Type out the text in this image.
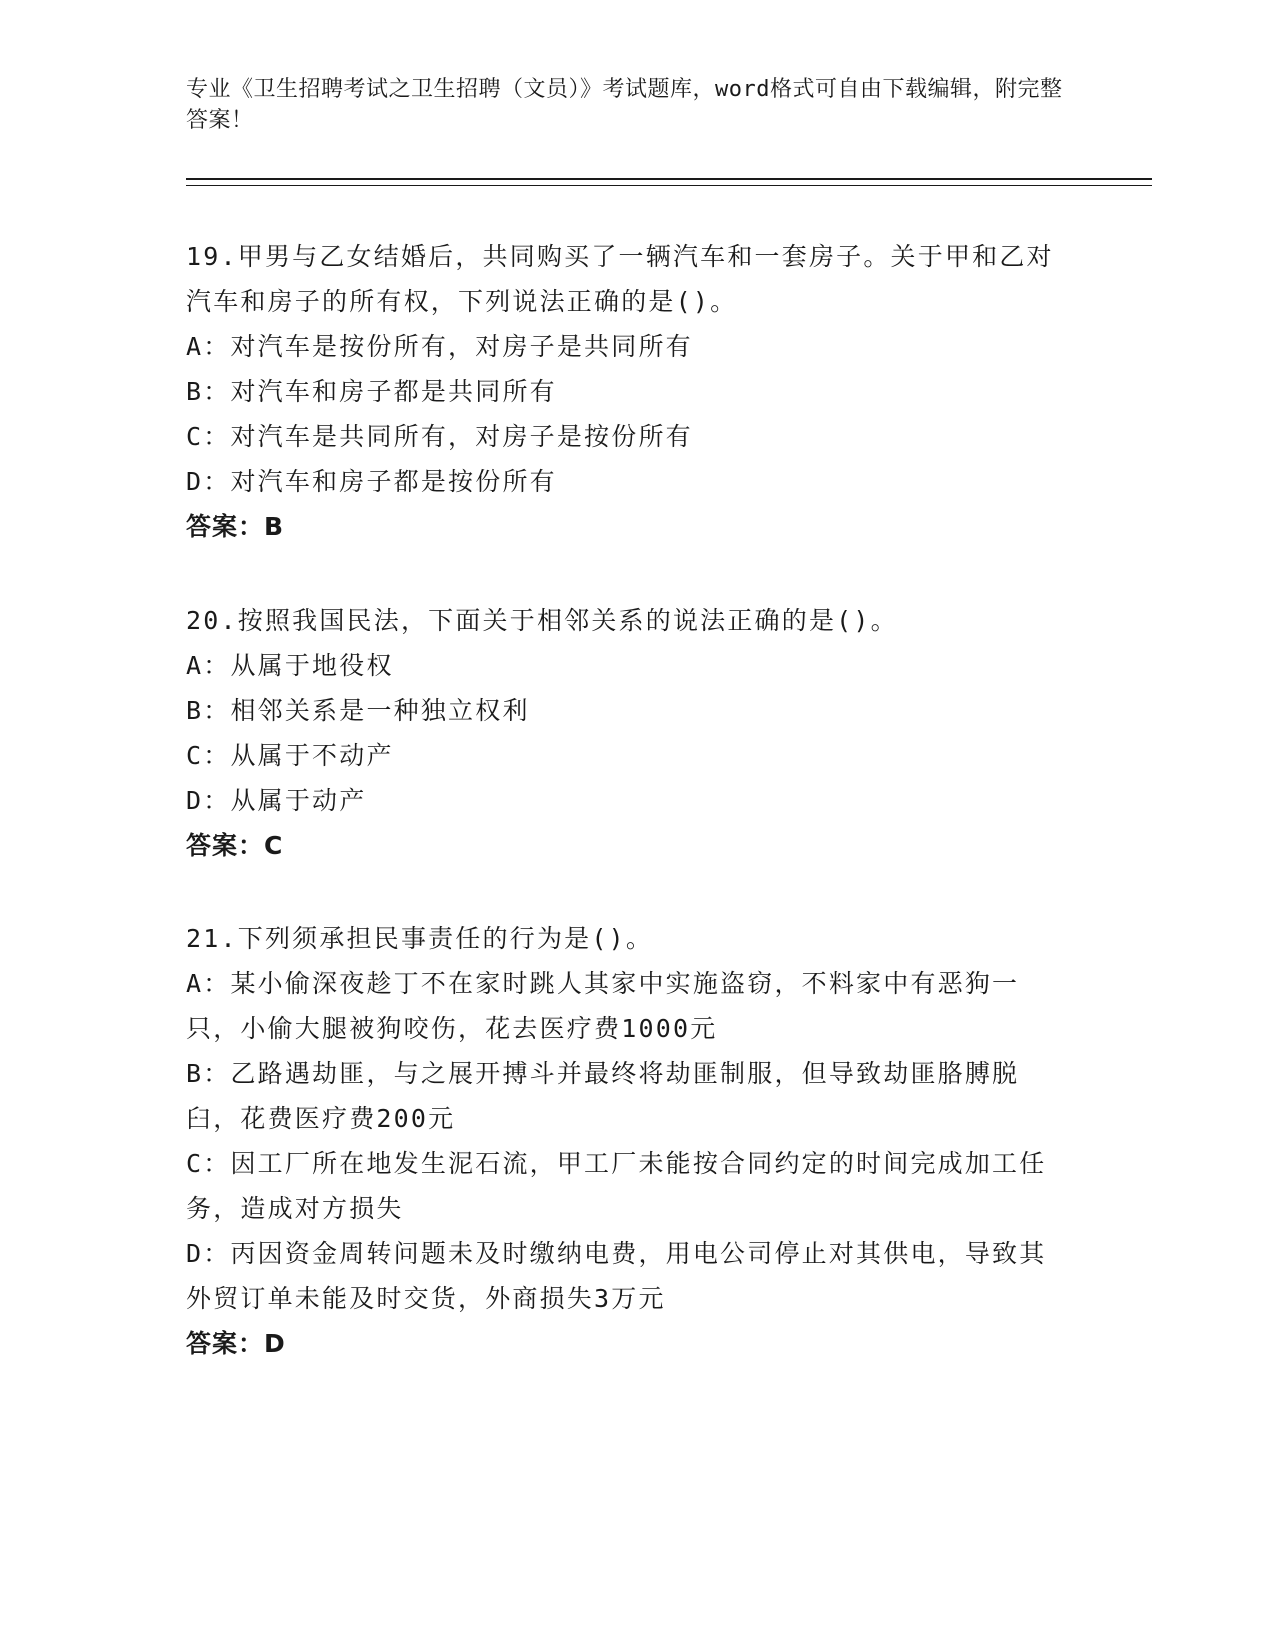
专业《卫生招聘考试之卫生招聘（文员）》考试题库，word格式可自由下载编辑，附完整答案！

19.甲男与乙女结婚后，共同购买了一辆汽车和一套房子。关于甲和乙对汽车和房子的所有权，下列说法正确的是()。

A：对汽车是按份所有，对房子是共同所有

B：对汽车和房子都是共同所有

C：对汽车是共同所有，对房子是按份所有

D：对汽车和房子都是按份所有

答案：B

20.按照我国民法，下面关于相邻关系的说法正确的是()。

A：从属于地役权

B：相邻关系是一种独立权利

C：从属于不动产

D：从属于动产

答案：C

21.下列须承担民事责任的行为是()。

A：某小偷深夜趁丁不在家时跳人其家中实施盗窃，不料家中有恶狗一只，小偷大腿被狗咬伤，花去医疗费1000元

B：乙路遇劫匪，与之展开搏斗并最终将劫匪制服，但导致劫匪胳膊脱臼，花费医疗费200元

C：因工厂所在地发生泥石流，甲工厂未能按合同约定的时间完成加工任务，造成对方损失

D：丙因资金周转问题未及时缴纳电费，用电公司停止对其供电，导致其外贸订单未能及时交货，外商损失3万元

答案：D
